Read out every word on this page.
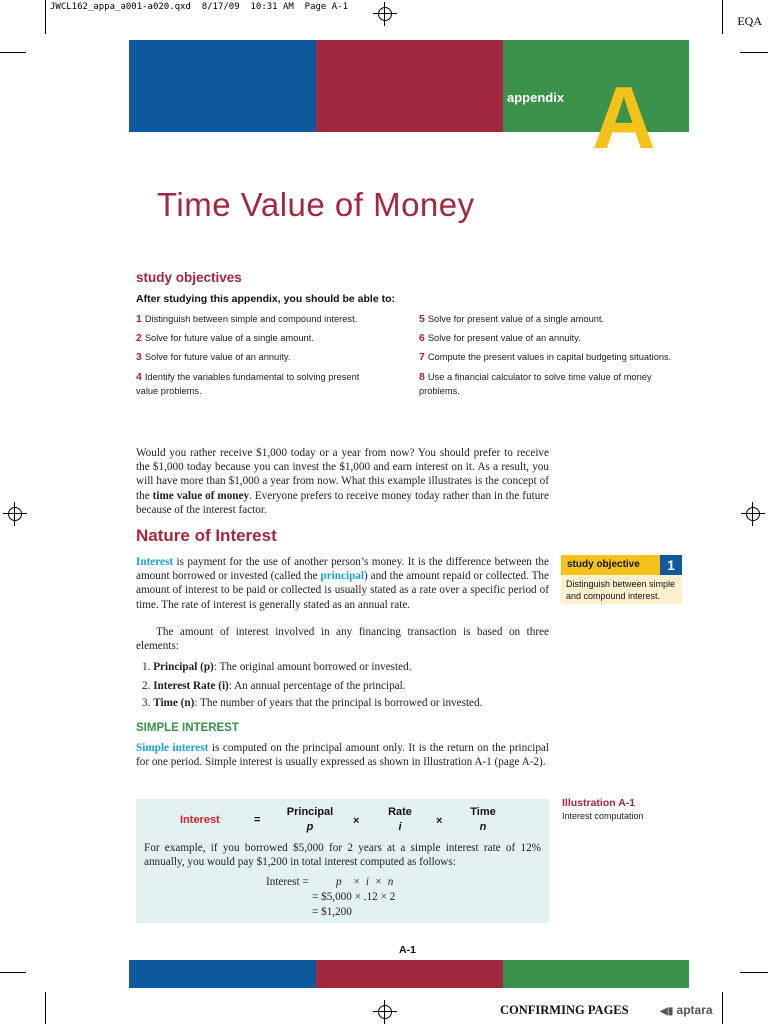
JWCL162_appa_a001-a020.qxd  8/17/09  10:31 AM  Page A-1
EQA
appendix A
Time Value of Money
study objectives
After studying this appendix, you should be able to:
1 Distinguish between simple and compound interest.
2 Solve for future value of a single amount.
3 Solve for future value of an annuity.
4 Identify the variables fundamental to solving present value problems.
5 Solve for present value of a single amount.
6 Solve for present value of an annuity.
7 Compute the present values in capital budgeting situations.
8 Use a financial calculator to solve time value of money problems.
Would you rather receive $1,000 today or a year from now? You should prefer to receive the $1,000 today because you can invest the $1,000 and earn interest on it. As a result, you will have more than $1,000 a year from now. What this example illustrates is the concept of the time value of money. Everyone prefers to receive money today rather than in the future because of the interest factor.
Nature of Interest
Interest is payment for the use of another person’s money. It is the difference between the amount borrowed or invested (called the principal) and the amount repaid or collected. The amount of interest to be paid or collected is usually stated as a rate over a specific period of time. The rate of interest is generally stated as an annual rate.
The amount of interest involved in any financing transaction is based on three elements:
1. Principal (p): The original amount borrowed or invested.
2. Interest Rate (i): An annual percentage of the principal.
3. Time (n): The number of years that the principal is borrowed or invested.
SIMPLE INTEREST
Simple interest is computed on the principal amount only. It is the return on the principal for one period. Simple interest is usually expressed as shown in Illustration A-1 (page A-2).
study objective	1
Distinguish between simple and compound interest.
Illustration A-1
Interest computation
Interest	=
Principal
p	×
Rate
i	×
Time
n
For example, if you borrowed $5,000 for 2 years at a simple interest rate of 12% annually, you would pay $1,200 in total interest computed as follows:
Interest = p    ×  i  ×  n
= $5,000 × .12 × 2
= $1,200
A-1
CONFIRMING PAGES	◀▮ aptara
